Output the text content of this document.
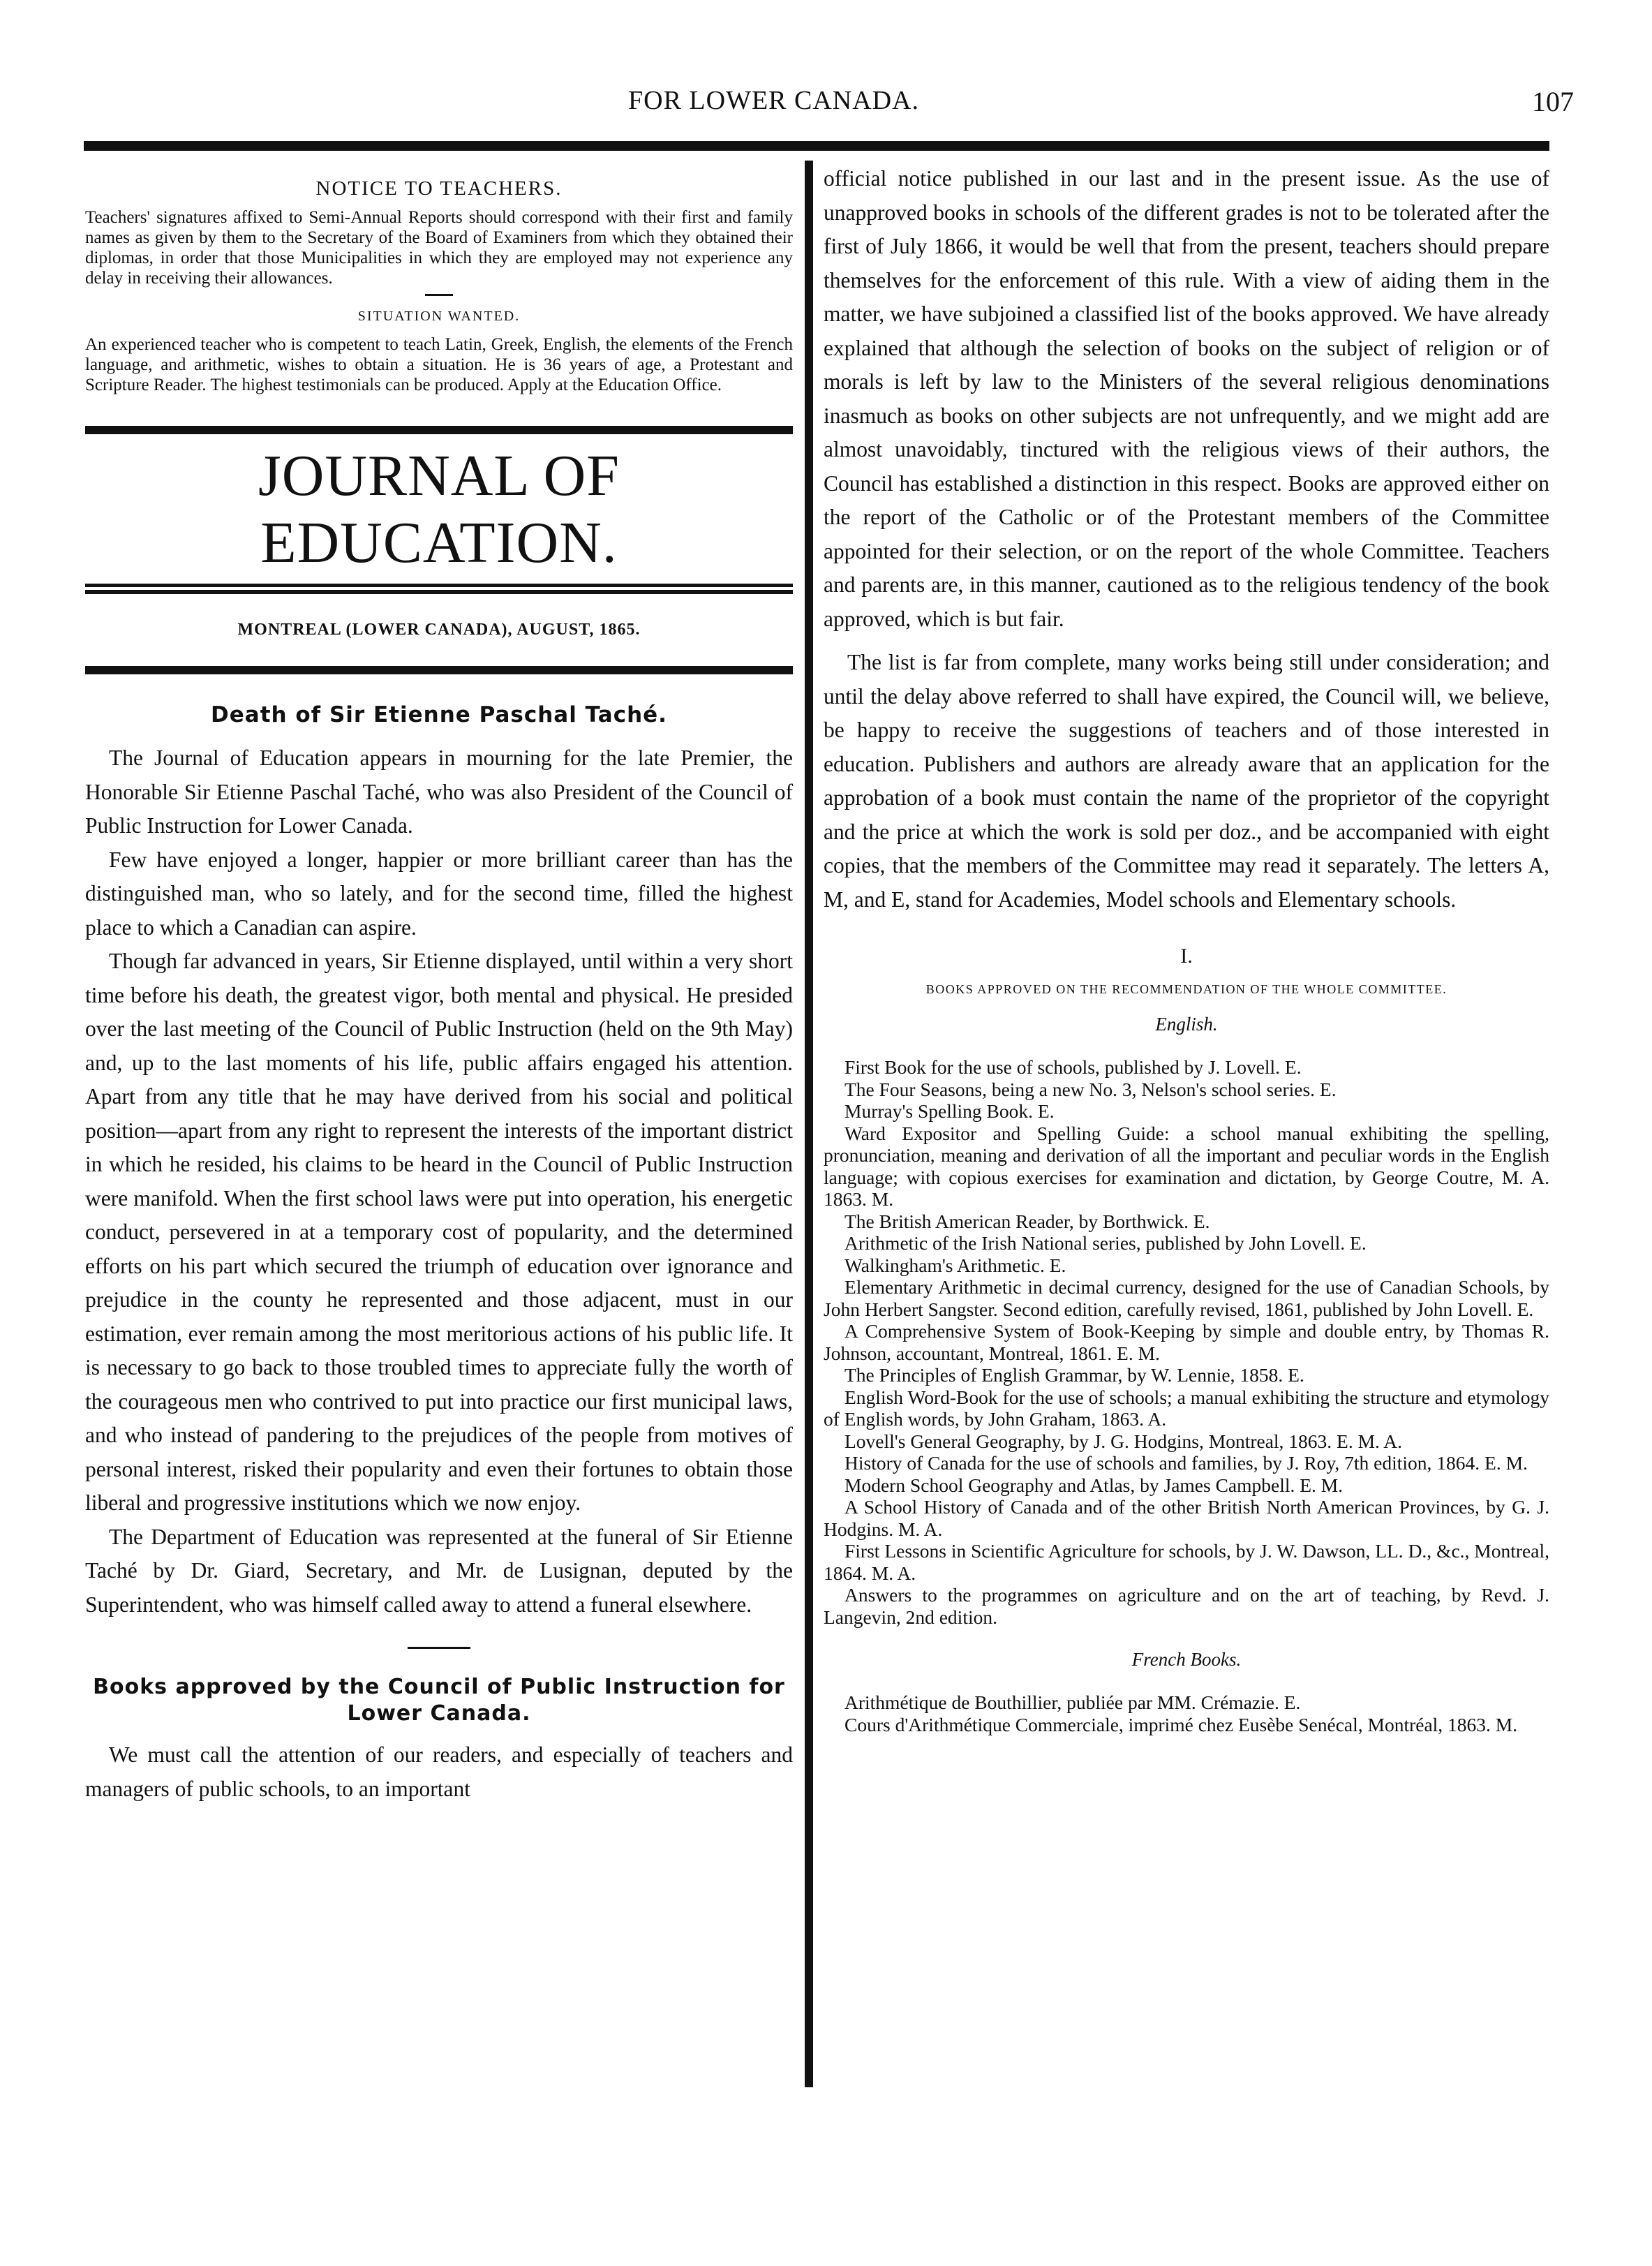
FOR LOWER CANADA.	107
NOTICE TO TEACHERS.

Teachers' signatures affixed to Semi-Annual Reports should correspond with their first and family names as given by them to the Secretary of the Board of Examiners from which they obtained their diplomas, in order that those Municipalities in which they are employed may not experience any delay in receiving their allowances.

SITUATION WANTED.

An experienced teacher who is competent to teach Latin, Greek, English, the elements of the French language, and arithmetic, wishes to obtain a situation. He is 36 years of age, a Protestant and Scripture Reader. The highest testimonials can be produced. Apply at the Education Office.

JOURNAL OF EDUCATION.
MONTREAL (LOWER CANADA), AUGUST, 1865.
Death of Sir Etienne Paschal Taché.

The Journal of Education appears in mourning for the late Premier, the Honorable Sir Etienne Paschal Taché, who was also President of the Council of Public Instruction for Lower Canada.

Few have enjoyed a longer, happier or more brilliant career than has the distinguished man, who so lately, and for the second time, filled the highest place to which a Canadian can aspire.

Though far advanced in years, Sir Etienne displayed, until within a very short time before his death, the greatest vigor, both mental and physical. He presided over the last meeting of the Council of Public Instruction (held on the 9th May) and, up to the last moments of his life, public affairs engaged his attention. Apart from any title that he may have derived from his social and political position—apart from any right to represent the interests of the important district in which he resided, his claims to be heard in the Council of Public Instruction were manifold. When the first school laws were put into operation, his energetic conduct, persevered in at a temporary cost of popularity, and the determined efforts on his part which secured the triumph of education over ignorance and prejudice in the county he represented and those adjacent, must in our estimation, ever remain among the most meritorious actions of his public life. It is necessary to go back to those troubled times to appreciate fully the worth of the courageous men who contrived to put into practice our first municipal laws, and who instead of pandering to the prejudices of the people from motives of personal interest, risked their popularity and even their fortunes to obtain those liberal and progressive institutions which we now enjoy.

The Department of Education was represented at the funeral of Sir Etienne Taché by Dr. Giard, Secretary, and Mr. de Lusignan, deputed by the Superintendent, who was himself called away to attend a funeral elsewhere.

Books approved by the Council of Public Instruction for Lower Canada.

We must call the attention of our readers, and especially of teachers and managers of public schools, to an important

official notice published in our last and in the present issue. As the use of unapproved books in schools of the different grades is not to be tolerated after the first of July 1866, it would be well that from the present, teachers should prepare themselves for the enforcement of this rule. With a view of aiding them in the matter, we have subjoined a classified list of the books approved. We have already explained that although the selection of books on the subject of religion or of morals is left by law to the Ministers of the several religious denominations inasmuch as books on other subjects are not unfrequently, and we might add are almost unavoidably, tinctured with the religious views of their authors, the Council has established a distinction in this respect. Books are approved either on the report of the Catholic or of the Protestant members of the Committee appointed for their selection, or on the report of the whole Committee. Teachers and parents are, in this manner, cautioned as to the religious tendency of the book approved, which is but fair.

The list is far from complete, many works being still under consideration; and until the delay above referred to shall have expired, the Council will, we believe, be happy to receive the suggestions of teachers and of those interested in education. Publishers and authors are already aware that an application for the approbation of a book must contain the name of the proprietor of the copyright and the price at which the work is sold per doz., and be accompanied with eight copies, that the members of the Committee may read it separately. The letters A, M, and E, stand for Academies, Model schools and Elementary schools.

I.
BOOKS APPROVED ON THE RECOMMENDATION OF THE WHOLE COMMITTEE.
English.
First Book for the use of schools, published by J. Lovell. E.
The Four Seasons, being a new No. 3, Nelson's school series. E.
Murray's Spelling Book. E.
Ward Expositor and Spelling Guide: a school manual exhibiting the spelling, pronunciation, meaning and derivation of all the important and peculiar words in the English language; with copious exercises for examination and dictation, by George Coutre, M. A. 1863. M.
The British American Reader, by Borthwick. E.
Arithmetic of the Irish National series, published by John Lovell. E.
Walkingham's Arithmetic. E.
Elementary Arithmetic in decimal currency, designed for the use of Canadian Schools, by John Herbert Sangster. Second edition, carefully revised, 1861, published by John Lovell. E.
A Comprehensive System of Book-Keeping by simple and double entry, by Thomas R. Johnson, accountant, Montreal, 1861. E. M.
The Principles of English Grammar, by W. Lennie, 1858. E.
English Word-Book for the use of schools; a manual exhibiting the structure and etymology of English words, by John Graham, 1863. A.
Lovell's General Geography, by J. G. Hodgins, Montreal, 1863. E. M. A.
History of Canada for the use of schools and families, by J. Roy, 7th edition, 1864. E. M.
Modern School Geography and Atlas, by James Campbell. E. M.
A School History of Canada and of the other British North American Provinces, by G. J. Hodgins. M. A.
First Lessons in Scientific Agriculture for schools, by J. W. Dawson, LL. D., &c., Montreal, 1864. M. A.
Answers to the programmes on agriculture and on the art of teaching, by Revd. J. Langevin, 2nd edition.
French Books.
Arithmétique de Bouthillier, publiée par MM. Crémazie. E.
Cours d'Arithmétique Commerciale, imprimé chez Eusèbe Senécal, Montréal, 1863. M.
